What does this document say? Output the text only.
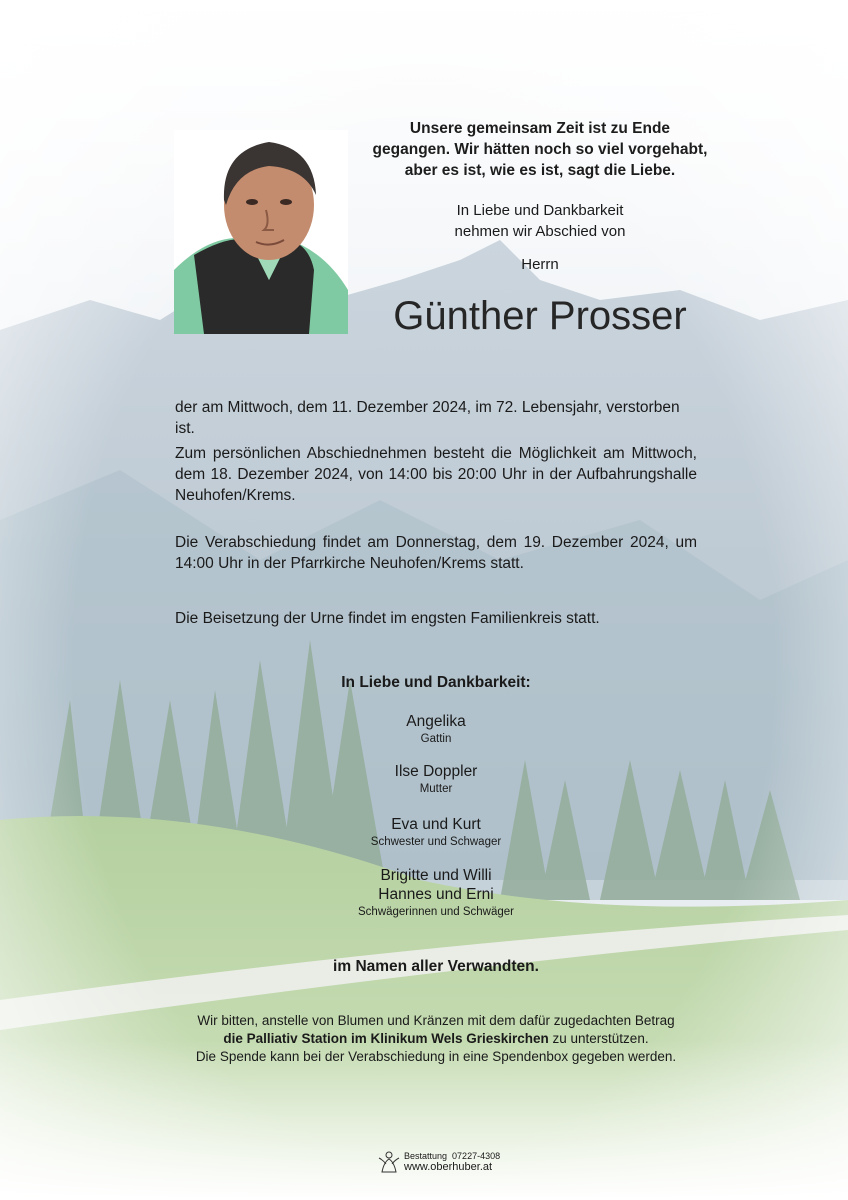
Unsere gemeinsam Zeit ist zu Ende
gegangen. Wir hätten noch so viel vorgehabt,
aber es ist, wie es ist, sagt die Liebe.
In Liebe und Dankbarkeit
nehmen wir Abschied von
Herrn
Günther Prosser
der am Mittwoch, dem 11. Dezember 2024, im 72. Lebensjahr, verstorben ist.
Zum persönlichen Abschiednehmen besteht die Möglichkeit am Mittwoch, dem 18. Dezember 2024, von 14:00 bis 20:00 Uhr in der Aufbahrungshalle Neuhofen/Krems.
Die Verabschiedung findet am Donnerstag, dem 19. Dezember 2024, um 14:00 Uhr in der Pfarrkirche Neuhofen/Krems statt.
Die Beisetzung der Urne findet im engsten Familienkreis statt.
In Liebe und Dankbarkeit:
Angelika
Gattin
Ilse Doppler
Mutter
Eva und Kurt
Schwester und Schwager
Brigitte und Willi
Hannes und Erni
Schwägerinnen und Schwäger
im Namen aller Verwandten.
Wir bitten, anstelle von Blumen und Kränzen mit dem dafür zugedachten Betrag
die Palliativ Station im Klinikum Wels Grieskirchen zu unterstützen.
Die Spende kann bei der Verabschiedung in eine Spendenbox gegeben werden.
Bestattung 07227-4308
www.oberhuber.at
